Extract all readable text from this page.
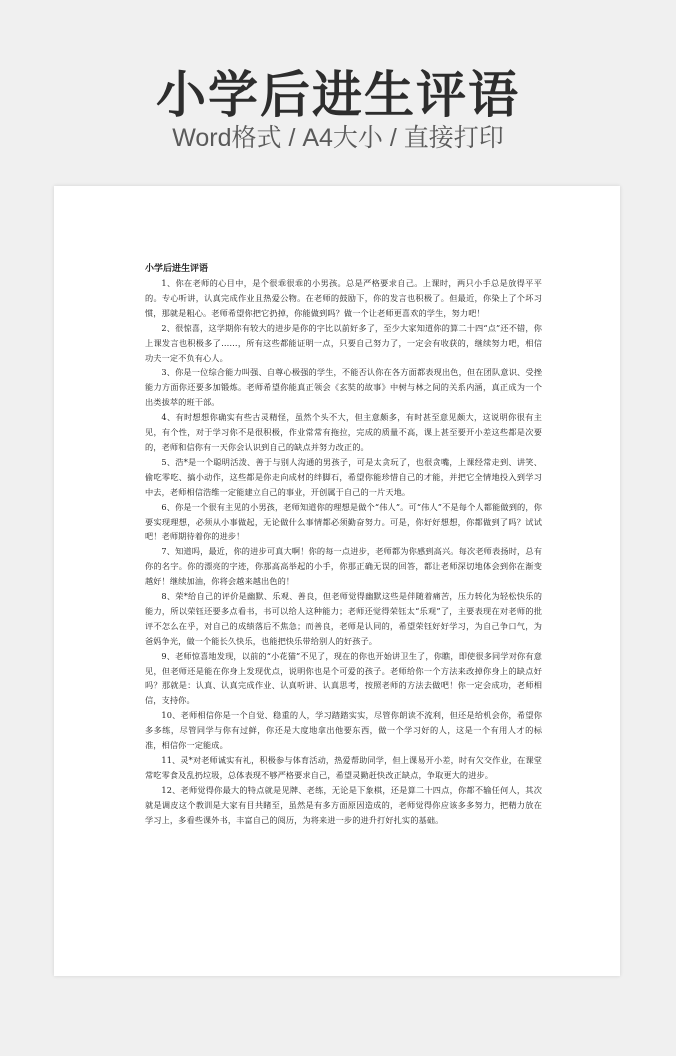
小学后进生评语
Word格式 / A4大小 / 直接打印

小学后进生评语

1、你在老师的心目中，是个很乖很乖的小男孩。总是严格要求自己。上课时，两只小手总是放得平平的。专心听讲，认真完成作业且热爱公物。在老师的鼓励下，你的发言也积极了。但最近，你染上了个坏习惯，那就是粗心。老师希望你把它扔掉，你能做到吗？做一个让老师更喜欢的学生，努力吧！

2、很惊喜，这学期你有较大的进步是你的字比以前好多了，至少大家知道你的算二十四“点”还不错，你上课发言也积极多了……，所有这些都能证明一点，只要自己努力了，一定会有收获的，继续努力吧，相信功夫一定不负有心人。

3、你是一位综合能力叫强、自尊心极强的学生，不能否认你在各方面都表现出色，但在团队意识、受挫能力方面你还要多加锻炼。老师希望你能真正领会《玄奘的故事》中树与林之间的关系内涵，真正成为一个出类拔萃的班干部。

4、有时想想你确实有些古灵精怪，虽然个头不大，但主意颇多，有时甚至意见颇大，这说明你很有主见，有个性，对于学习你不是很积极，作业常常有拖拉，完成的质量不高，课上甚至要开小差这些都是次要的，老师和信你有一天你会认识到自己的缺点并努力改正的。

5、浩*是一个聪明活泼、善于与别人沟通的男孩子，可是太贪玩了，也很贪嘴，上课经常走到、讲笑、偷吃零吃、搞小动作，这些都是你走向成材的绊脚石，希望你能珍惜自己的才能，并把它全情地投入到学习中去，老师相信浩维一定能建立自己的事业，开创属于自己的一片天地。

6、你是一个很有主见的小男孩，老师知道你的理想是做个“伟人”。可“伟人”不是每个人都能做到的，你要实现理想，必须从小事做起，无论做什么事情都必须勤奋努力。可是，你好好想想，你都做到了吗？试试吧！老师期待着你的进步！

7、知道吗，最近，你的进步可真大啊！你的每一点进步，老师都为你感到高兴。每次老师表扬时，总有你的名字。你的漂亮的字迹，你那高高举起的小手，你那正确无误的回答，都让老师深切地体会到你在渐变越好！继续加油，你将会越来越出色的！

8、荣*给自己的评价是幽默、乐观、善良，但老师觉得幽默这些是伴随着痛苦，压力转化为轻松快乐的能力，所以荣钰还要多点看书，书可以给人这种能力；老师还觉得荣钰太“乐观”了，主要表现在对老师的批评不怎么在乎，对自己的成绩落后不焦急；而善良，老师是认同的，希望荣钰好好学习，为自己争口气，为爸妈争光，做一个能长久快乐，也能把快乐带给别人的好孩子。

9、老师惊喜地发现，以前的“小花猫”不见了，现在的你也开始讲卫生了，你瞧，即使很多同学对你有意见，但老师还是能在你身上发现优点，说明你也是个可爱的孩子。老师给你一个方法来改掉你身上的缺点好吗？那就是：认真、认真完成作业、认真听讲、认真思考，按照老师的方法去做吧！你一定会成功，老师相信，支持你。

10、老师相信你是一个自觉、稳重的人，学习踏踏实实，尽管你朗读不流利，但还是给机会你，希望你多多练，尽管同学与你有过鲜，你还是大度地拿出他要东西，做一个学习好的人，这是一个有用人才的标准，相信你一定能成。

11、灵*对老师诚实有礼，积极参与体育活动，热爱帮助同学，但上课易开小差，时有欠交作业，在课堂常吃零食及乱扔垃圾，总体表现不够严格要求自己，希望灵勤赶快改正缺点，争取更大的进步。

12、老师觉得你最大的特点就是见牌、老练，无论是下象棋，还是算二十四点，你都不输任何人，其次就是调皮这个教训是大家有目共睹至，虽然是有多方面原因造成的，老师觉得你应该多多努力，把精力放在学习上，多看些课外书，丰富自己的阅历，为将来进一步的进升打好扎实的基础。
